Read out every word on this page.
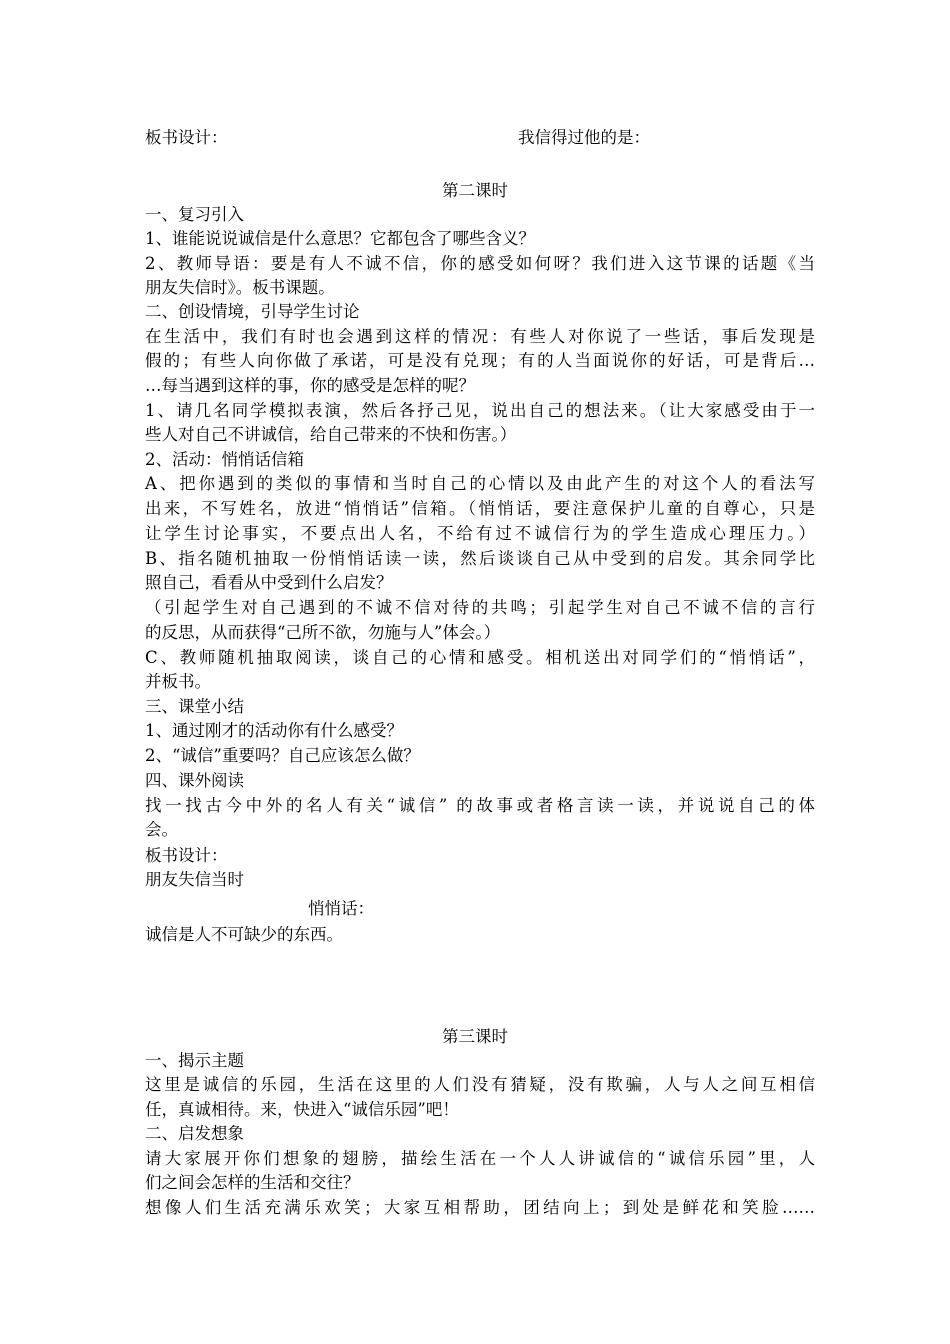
板书设计：	我信得过他的是：
第二课时
一、复习引入
1、谁能说说诚信是什么意思？它都包含了哪些含义？
2、教师导语：要是有人不诚不信，你的感受如何呀？我们进入这节课的话题《当
朋友失信时》。板书课题。
二、创设情境，引导学生讨论
在生活中，我们有时也会遇到这样的情况：有些人对你说了一些话，事后发现是
假的；有些人向你做了承诺，可是没有兑现；有的人当面说你的好话，可是背后…
…每当遇到这样的事，你的感受是怎样的呢？
1、请几名同学模拟表演，然后各抒己见，说出自己的想法来。（让大家感受由于一
些人对自己不讲诚信，给自己带来的不快和伤害。）
2、活动：悄悄话信箱
A、把你遇到的类似的事情和当时自己的心情以及由此产生的对这个人的看法写
出来，不写姓名，放进“悄悄话”信箱。（悄悄话，要注意保护儿童的自尊心，只是
让学生讨论事实，不要点出人名，不给有过不诚信行为的学生造成心理压力。）
B、指名随机抽取一份悄悄话读一读，然后谈谈自己从中受到的启发。其余同学比
照自己，看看从中受到什么启发？
（引起学生对自己遇到的不诚不信对待的共鸣；引起学生对自己不诚不信的言行
的反思，从而获得“己所不欲，勿施与人”体会。）
C、教师随机抽取阅读，谈自己的心情和感受。相机送出对同学们的“悄悄话”，
并板书。
三、课堂小结
1、通过刚才的活动你有什么感受？
2、“诚信”重要吗？自己应该怎么做？
四、课外阅读
找一找古今中外的名人有关“诚信” 的故事或者格言读一读，并说说自己的体
会。
板书设计：
朋友失信当时
悄悄话：
诚信是人不可缺少的东西。
第三课时
一、揭示主题
这里是诚信的乐园，生活在这里的人们没有猜疑，没有欺骗，人与人之间互相信
任，真诚相待。来，快进入“诚信乐园”吧！
二、启发想象
请大家展开你们想象的翅膀，描绘生活在一个人人讲诚信的“诚信乐园”里，人
们之间会怎样的生活和交往？
想像人们生活充满乐欢笑；大家互相帮助，团结向上；到处是鲜花和笑脸……
